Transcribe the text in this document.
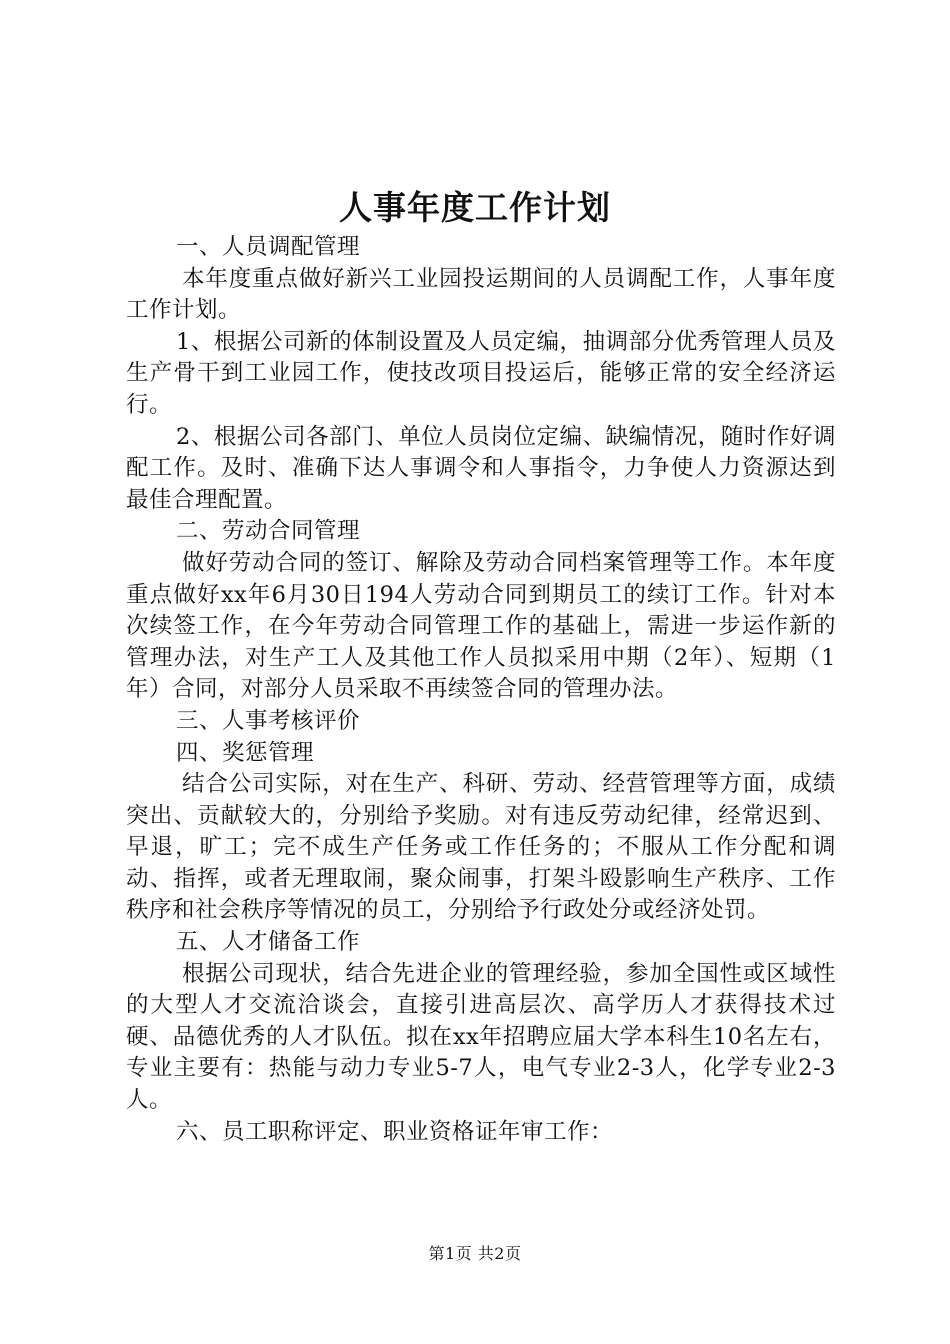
人事年度工作计划

一、人员调配管理

本年度重点做好新兴工业园投运期间的人员调配工作，人事年度工作计划。

1、根据公司新的体制设置及人员定编，抽调部分优秀管理人员及生产骨干到工业园工作，使技改项目投运后，能够正常的安全经济运行。

2、根据公司各部门、单位人员岗位定编、缺编情况，随时作好调配工作。及时、准确下达人事调令和人事指令，力争使人力资源达到最佳合理配置。

二、劳动合同管理

做好劳动合同的签订、解除及劳动合同档案管理等工作。本年度重点做好xx年6月30日194人劳动合同到期员工的续订工作。针对本次续签工作，在今年劳动合同管理工作的基础上，需进一步运作新的管理办法，对生产工人及其他工作人员拟采用中期（2年）、短期（1年）合同，对部分人员采取不再续签合同的管理办法。

三、人事考核评价

四、奖惩管理

结合公司实际，对在生产、科研、劳动、经营管理等方面，成绩突出、贡献较大的，分别给予奖励。对有违反劳动纪律，经常迟到、早退，旷工；完不成生产任务或工作任务的；不服从工作分配和调动、指挥，或者无理取闹，聚众闹事，打架斗殴影响生产秩序、工作秩序和社会秩序等情况的员工，分别给予行政处分或经济处罚。

五、人才储备工作

根据公司现状，结合先进企业的管理经验，参加全国性或区域性的大型人才交流洽谈会，直接引进高层次、高学历人才获得技术过硬、品德优秀的人才队伍。拟在xx年招聘应届大学本科生10名左右，专业主要有：热能与动力专业5-7人，电气专业2-3人，化学专业2-3人。

六、员工职称评定、职业资格证年审工作：

第1页 共2页
